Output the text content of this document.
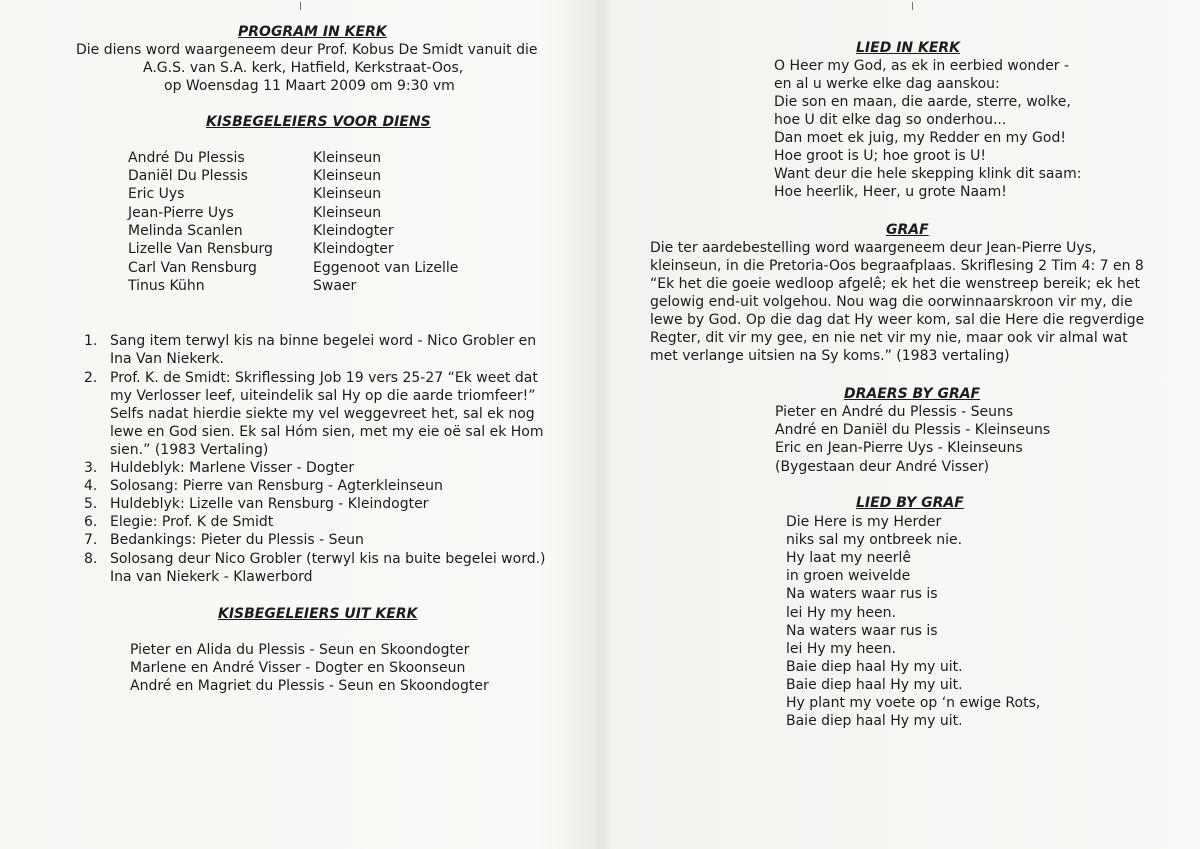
PROGRAM IN KERK
Die diens word waargeneem deur Prof. Kobus De Smidt vanuit die
A.G.S. van S.A. kerk, Hatfield, Kerkstraat-Oos,
op Woensdag 11 Maart 2009 om 9:30 vm
KISBEGELEIERS VOOR DIENS
André Du Plessis	Kleinseun
Daniël Du Plessis	Kleinseun
Eric Uys	Kleinseun
Jean-Pierre Uys	Kleinseun
Melinda Scanlen	Kleindogter
Lizelle Van Rensburg	Kleindogter
Carl Van Rensburg	Eggenoot van Lizelle
Tinus Kühn	Swaer
1. Sang item terwyl kis na binne begelei word - Nico Grobler en
Ina Van Niekerk.
2. Prof. K. de Smidt: Skriflessing Job 19 vers 25-27 “Ek weet dat
my Verlosser leef, uiteindelik sal Hy op die aarde triomfeer!”
Selfs nadat hierdie siekte my vel weggevreet het, sal ek nog
lewe en God sien. Ek sal Hóm sien, met my eie oë sal ek Hom
sien.” (1983 Vertaling)
3. Huldeblyk: Marlene Visser - Dogter
4. Solosang: Pierre van Rensburg - Agterkleinseun
5. Huldeblyk: Lizelle van Rensburg - Kleindogter
6. Elegie: Prof. K de Smidt
7. Bedankings: Pieter du Plessis - Seun
8. Solosang deur Nico Grobler (terwyl kis na buite begelei word.)
Ina van Niekerk - Klawerbord
KISBEGELEIERS UIT KERK
Pieter en Alida du Plessis - Seun en Skoondogter
Marlene en André Visser - Dogter en Skoonseun
André en Magriet du Plessis - Seun en Skoondogter
LIED IN KERK
O Heer my God, as ek in eerbied wonder -
en al u werke elke dag aanskou:
Die son en maan, die aarde, sterre, wolke,
hoe U dit elke dag so onderhou...
Dan moet ek juig, my Redder en my God!
Hoe groot is U; hoe groot is U!
Want deur die hele skepping klink dit saam:
Hoe heerlik, Heer, u grote Naam!
GRAF
Die ter aardebestelling word waargeneem deur Jean-Pierre Uys,
kleinseun, in die Pretoria-Oos begraafplaas. Skriflesing 2 Tim 4: 7 en 8
“Ek het die goeie wedloop afgelê; ek het die wenstreep bereik; ek het
gelowig end-uit volgehou. Nou wag die oorwinnaarskroon vir my, die
lewe by God. Op die dag dat Hy weer kom, sal die Here die regverdige
Regter, dit vir my gee, en nie net vir my nie, maar ook vir almal wat
met verlange uitsien na Sy koms.” (1983 vertaling)
DRAERS BY GRAF
Pieter en André du Plessis - Seuns
André en Daniël du Plessis - Kleinseuns
Eric en Jean-Pierre Uys - Kleinseuns
(Bygestaan deur André Visser)
LIED BY GRAF
Die Here is my Herder
niks sal my ontbreek nie.
Hy laat my neerlê
in groen weivelde
Na waters waar rus is
lei Hy my heen.
Na waters waar rus is
lei Hy my heen.
Baie diep haal Hy my uit.
Baie diep haal Hy my uit.
Hy plant my voete op ‘n ewige Rots,
Baie diep haal Hy my uit.
